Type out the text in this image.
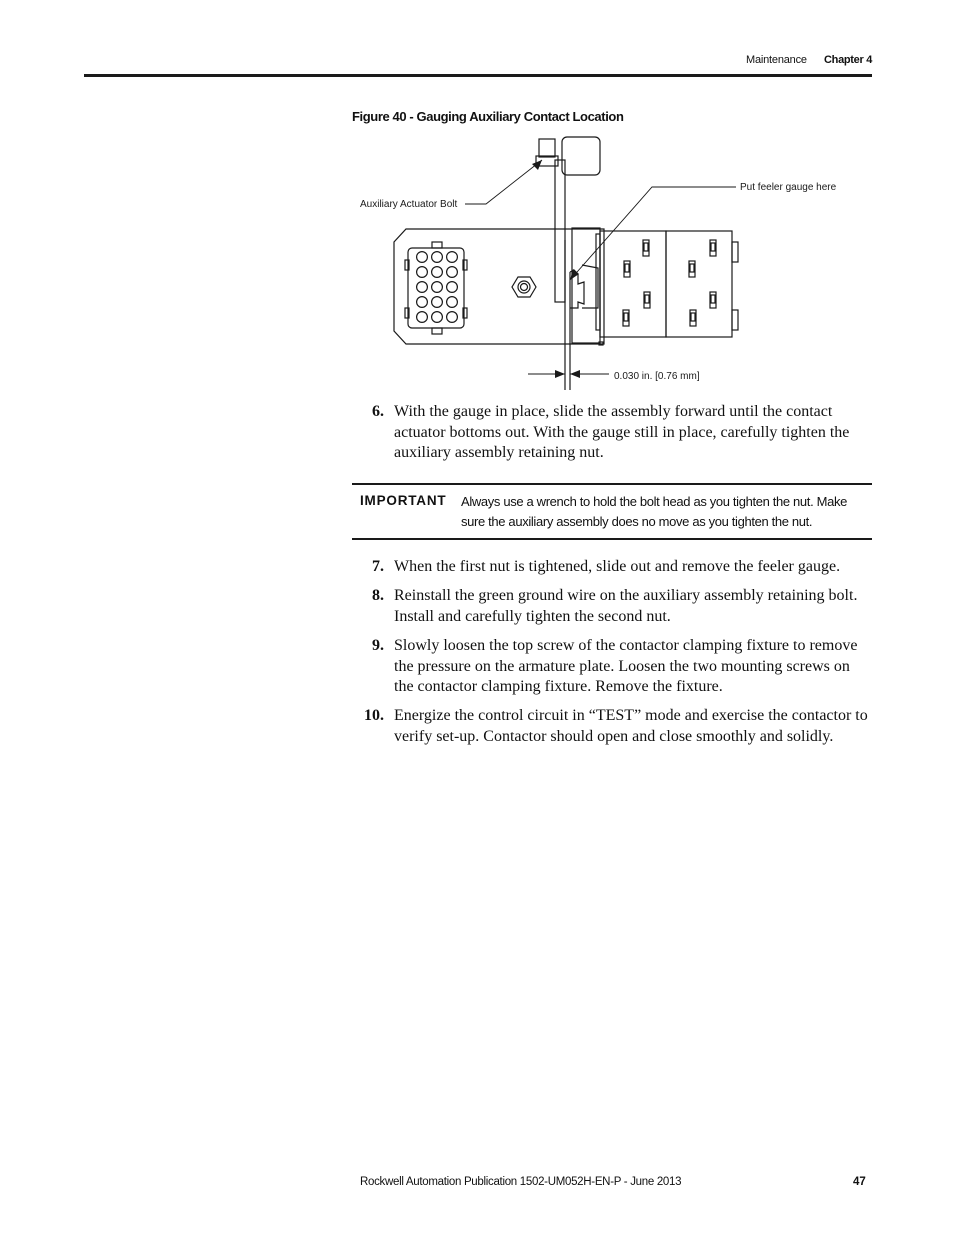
Maintenance Chapter 4
Figure 40 - Gauging Auxiliary Contact Location
Auxiliary Actuator Bolt
Put feeler gauge here
0.030 in. [0.76 mm]
6. With the gauge in place, slide the assembly forward until the contact actuator bottoms out. With the gauge still in place, carefully tighten the auxiliary assembly retaining nut.
IMPORTANT Always use a wrench to hold the bolt head as you tighten the nut. Make sure the auxiliary assembly does no move as you tighten the nut.
7. When the first nut is tightened, slide out and remove the feeler gauge.
8. Reinstall the green ground wire on the auxiliary assembly retaining bolt. Install and carefully tighten the second nut.
9. Slowly loosen the top screw of the contactor clamping fixture to remove the pressure on the armature plate. Loosen the two mounting screws on the contactor clamping fixture. Remove the fixture.
10. Energize the control circuit in “TEST” mode and exercise the contactor to verify set-up. Contactor should open and close smoothly and solidly.
Rockwell Automation Publication 1502-UM052H-EN-P - June 2013	47
